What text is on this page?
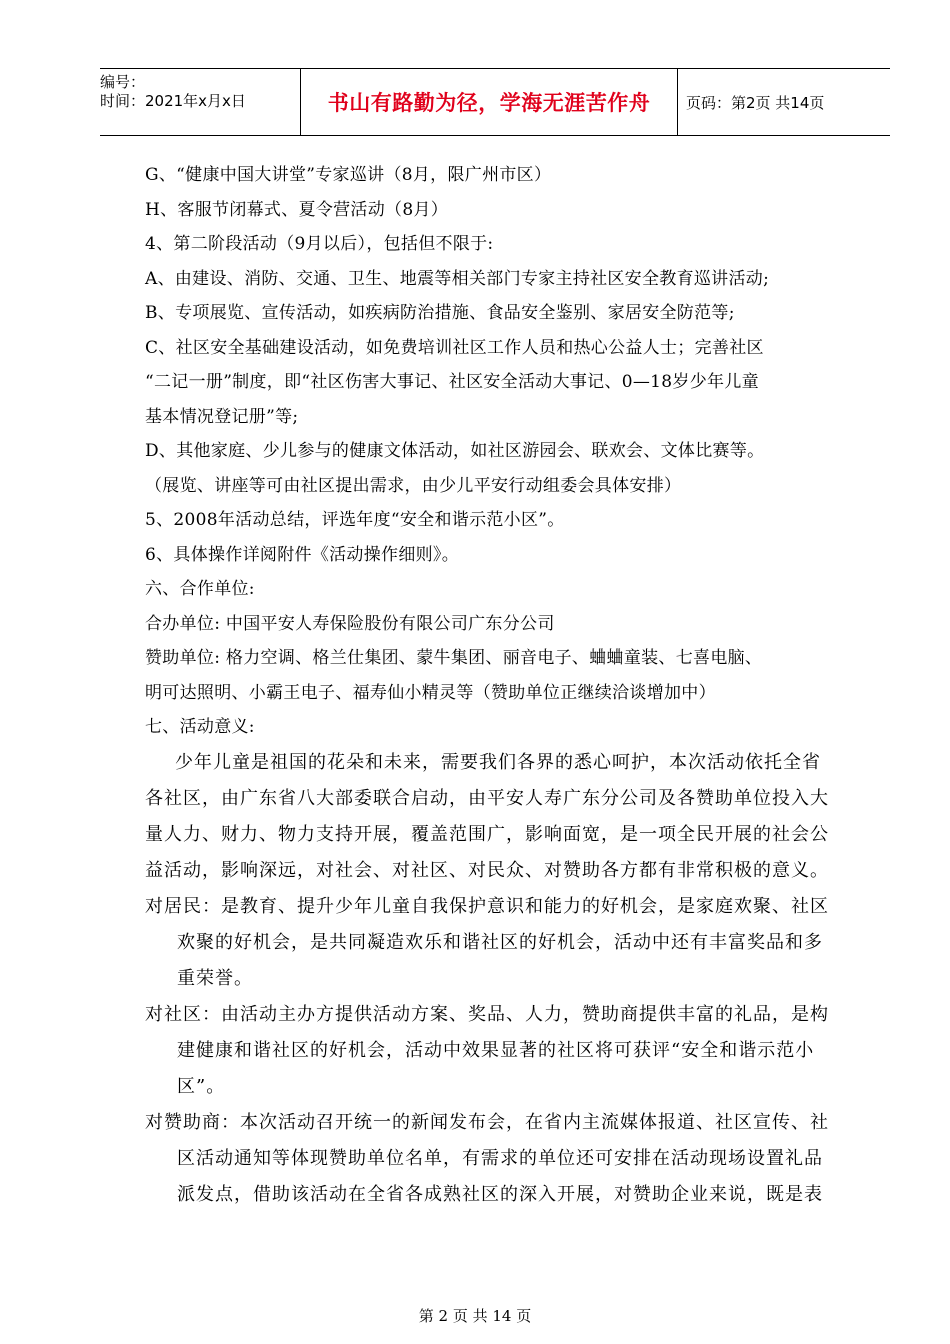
编号：
时间：2021年x月x日	书山有路勤为径，学海无涯苦作舟	页码：第2页 共14页
G、“健康中国大讲堂”专家巡讲（8月，限广州市区）
H、客服节闭幕式、夏令营活动（8月）
4、第二阶段活动（9月以后），包括但不限于:
A、由建设、消防、交通、卫生、地震等相关部门专家主持社区安全教育巡讲活动;
B、专项展览、宣传活动，如疾病防治措施、食品安全鉴别、家居安全防范等;
C、社区安全基础建设活动，如免费培训社区工作人员和热心公益人士；完善社区
“二记一册”制度，即“社区伤害大事记、社区安全活动大事记、0—18岁少年儿童
基本情况登记册”等;
D、其他家庭、少儿参与的健康文体活动，如社区游园会、联欢会、文体比赛等。
（展览、讲座等可由社区提出需求，由少儿平安行动组委会具体安排）
5、2008年活动总结，评选年度“安全和谐示范小区”。
6、具体操作详阅附件《活动操作细则》。
六、合作单位:
合办单位: 中国平安人寿保险股份有限公司广东分公司
赞助单位: 格力空调、格兰仕集团、蒙牛集团、丽音电子、蛐蛐童装、七喜电脑、
明可达照明、小霸王电子、福寿仙小精灵等（赞助单位正继续洽谈增加中）
七、活动意义:
少年儿童是祖国的花朵和未来，需要我们各界的悉心呵护，本次活动依托全省
各社区，由广东省八大部委联合启动，由平安人寿广东分公司及各赞助单位投入大
量人力、财力、物力支持开展，覆盖范围广，影响面宽，是一项全民开展的社会公
益活动，影响深远，对社会、对社区、对民众、对赞助各方都有非常积极的意义。
对居民：是教育、提升少年儿童自我保护意识和能力的好机会，是家庭欢聚、社区
欢聚的好机会，是共同凝造欢乐和谐社区的好机会，活动中还有丰富奖品和多
重荣誉。
对社区：由活动主办方提供活动方案、奖品、人力，赞助商提供丰富的礼品，是构
建健康和谐社区的好机会，活动中效果显著的社区将可获评“安全和谐示范小
区”。
对赞助商：本次活动召开统一的新闻发布会，在省内主流媒体报道、社区宣传、社
区活动通知等体现赞助单位名单，有需求的单位还可安排在活动现场设置礼品
派发点，借助该活动在全省各成熟社区的深入开展，对赞助企业来说，既是表
第 2 页 共 14 页
